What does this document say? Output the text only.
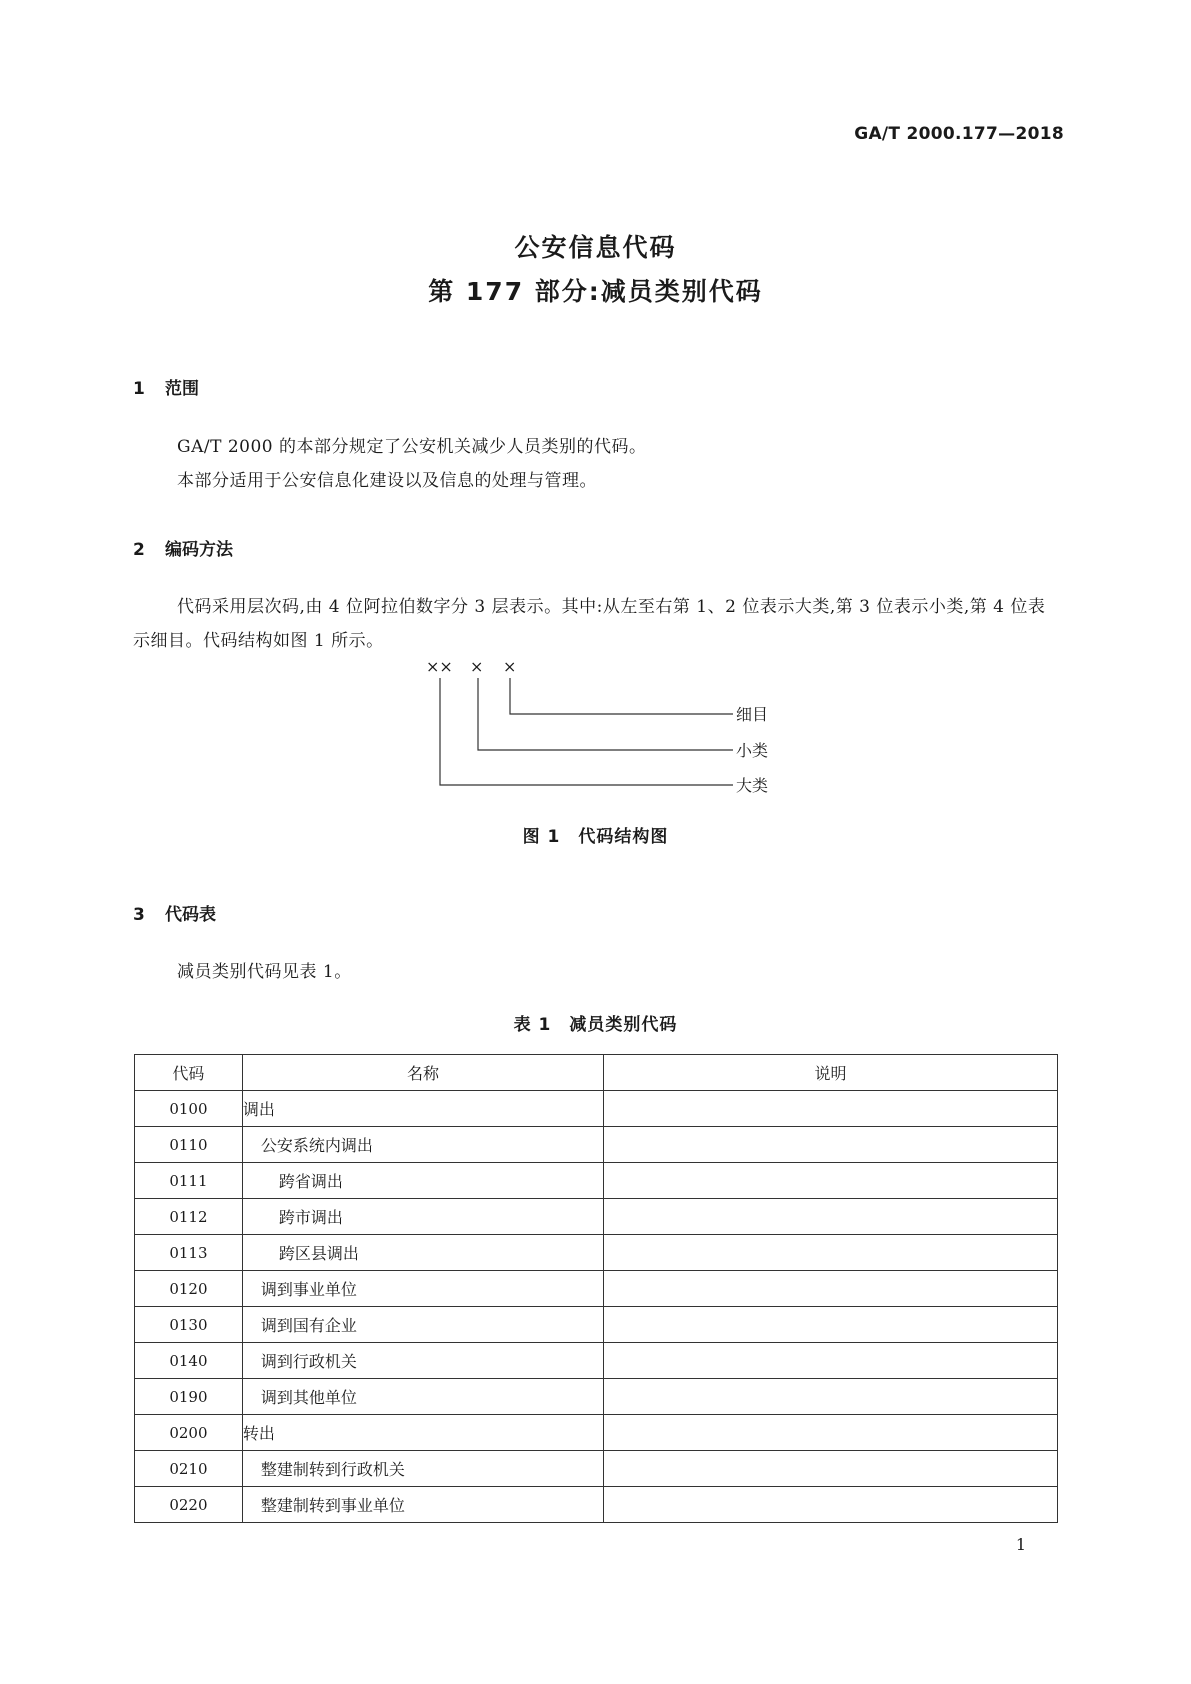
GA/T 2000.177—2018
公安信息代码
第 177 部分:减员类别代码
1 范围

GA/T 2000 的本部分规定了公安机关减少人员类别的代码。

本部分适用于公安信息化建设以及信息的处理与管理。

2 编码方法

代码采用层次码,由 4 位阿拉伯数字分 3 层表示。其中:从左至右第 1、2 位表示大类,第 3 位表示小类,第 4 位表示细目。代码结构如图 1 所示。

×× × ×
细目
小类
大类
图 1　代码结构图
3 代码表

减员类别代码见表 1。

表 1　减员类别代码
代码	名称	说明
0100	调出	
0110	公安系统内调出	
0111	跨省调出	
0112	跨市调出	
0113	跨区县调出	
0120	调到事业单位	
0130	调到国有企业	
0140	调到行政机关	
0190	调到其他单位	
0200	转出	
0210	整建制转到行政机关	
0220	整建制转到事业单位	
1
